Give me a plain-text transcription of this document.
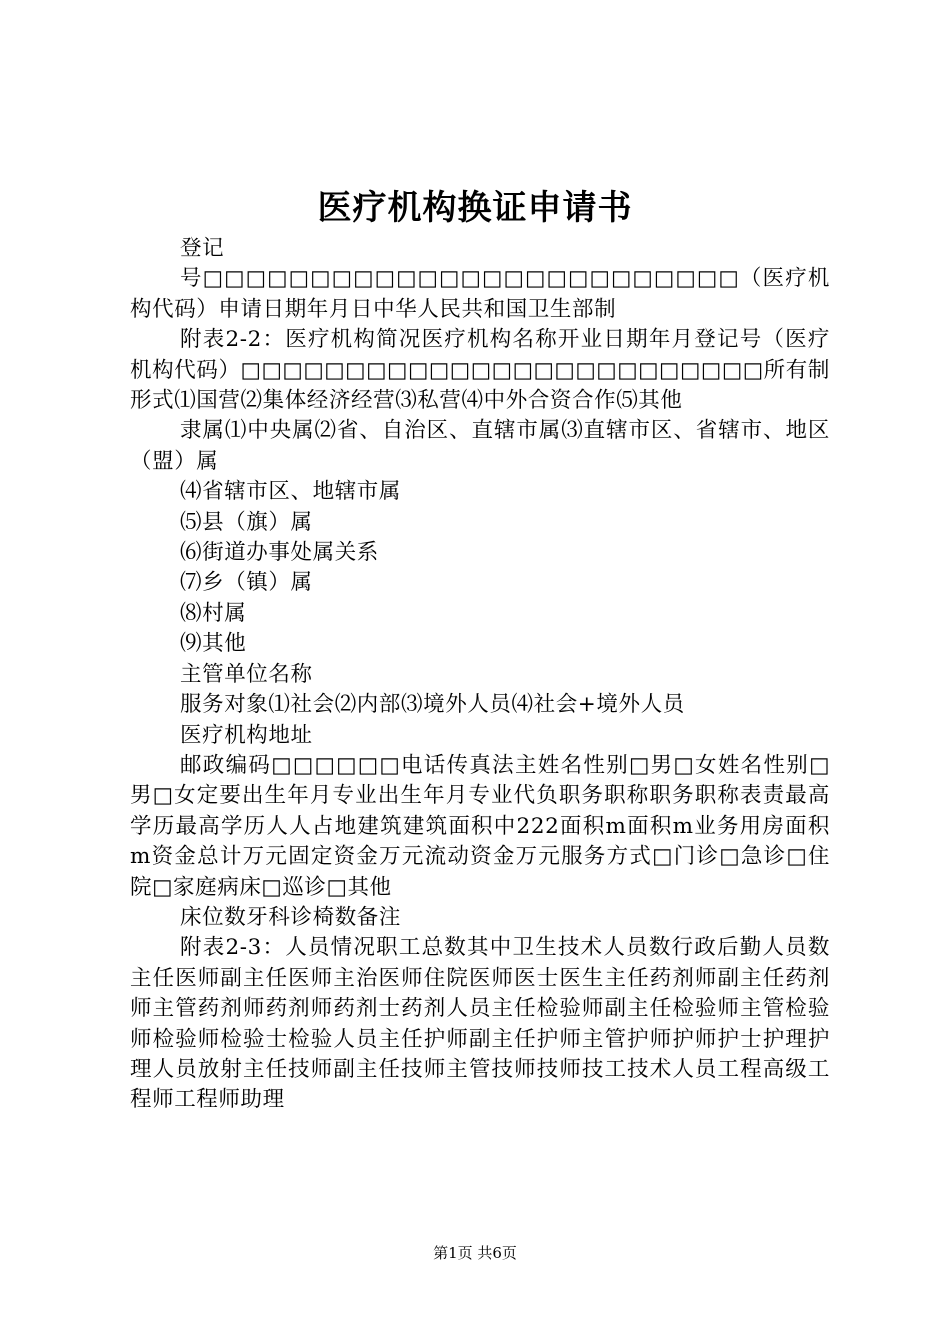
医疗机构换证申请书

登记

号□□□□□□□□□□□□□□□□□□□□□□□□□（医疗机构代码）申请日期年月日中华人民共和国卫生部制

附表2-2：医疗机构简况医疗机构名称开业日期年月登记号（医疗机构代码）□□□□□□□□□□□□□□□□□□□□□□□□□所有制形式⑴国营⑵集体经济经营⑶私营⑷中外合资合作⑸其他

隶属⑴中央属⑵省、自治区、直辖市属⑶直辖市区、省辖市、地区（盟）属

⑷省辖市区、地辖市属

⑸县（旗）属

⑹街道办事处属关系

⑺乡（镇）属

⑻村属

⑼其他

主管单位名称

服务对象⑴社会⑵内部⑶境外人员⑷社会+境外人员

医疗机构地址

邮政编码□□□□□□电话传真法主姓名性别□男□女姓名性别□男□女定要出生年月专业出生年月专业代负职务职称职务职称表责最高学历最高学历人人占地建筑建筑面积中222面积m面积m业务用房面积m资金总计万元固定资金万元流动资金万元服务方式□门诊□急诊□住院□家庭病床□巡诊□其他

床位数牙科诊椅数备注

附表2-3：人员情况职工总数其中卫生技术人员数行政后勤人员数主任医师副主任医师主治医师住院医师医士医生主任药剂师副主任药剂师主管药剂师药剂师药剂士药剂人员主任检验师副主任检验师主管检验师检验师检验士检验人员主任护师副主任护师主管护师护师护士护理护理人员放射主任技师副主任技师主管技师技师技工技术人员工程高级工程师工程师助理

第1页 共6页
